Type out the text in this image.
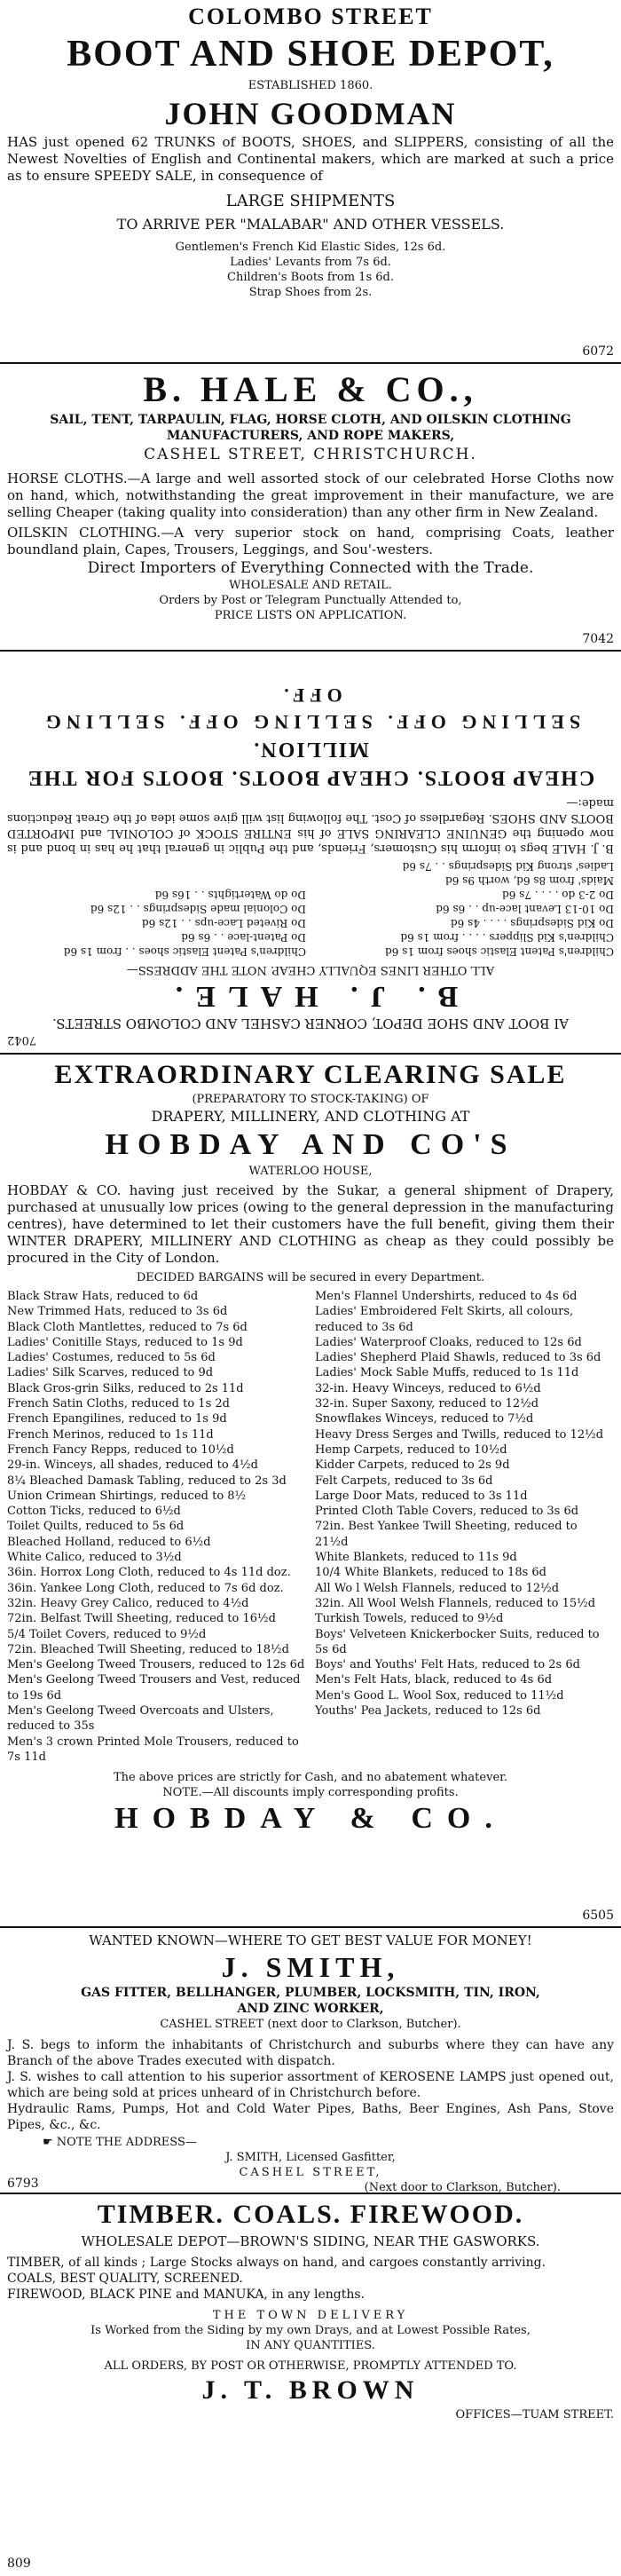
COLOMBO STREET
BOOT AND SHOE DEPOT,
ESTABLISHED 1860.
JOHN GOODMAN

HAS just opened 62 TRUNKS of BOOTS, SHOES, and SLIPPERS, consisting of all the Newest Novelties of English and Continental makers, which are marked at such a price as to ensure SPEEDY SALE, in consequence of

LARGE SHIPMENTS
TO ARRIVE PER "MALABAR" AND OTHER VESSELS.
Gentlemen's French Kid Elastic Sides, 12s 6d.
Ladies' Levants from 7s 6d.
Children's Boots from 1s 6d.
Strap Shoes from 2s.
6072
B. HALE & CO.,
SAIL, TENT, TARPAULIN, FLAG, HORSE CLOTH, AND OILSKIN CLOTHING
MANUFACTURERS, AND ROPE MAKERS,
CASHEL STREET, CHRISTCHURCH.

HORSE CLOTHS.—A large and well assorted stock of our celebrated Horse Cloths now on hand, which, notwithstanding the great improvement in their manufacture, we are selling Cheaper (taking quality into consideration) than any other firm in New Zealand.

OILSKIN CLOTHING.—A very superior stock on hand, comprising Coats, leather boundland plain, Capes, Trousers, Leggings, and Sou'-westers.

Direct Importers of Everything Connected with the Trade.
WHOLESALE AND RETAIL.
Orders by Post or Telegram Punctually Attended to,
PRICE LISTS ON APPLICATION.
7042
7042
AI BOOT AND SHOE DEPOT, CORNER CASHEL AND COLOMBO STREETS.
B. J. HALE.
ALL OTHER LINES EQUALLY CHEAP. NOTE THE ADDRESS—

Children's Patent Elastic shoes from 1s 6d

Children's Kid Slippers . . . . from 1s 6d

Do Kid Sidesprings . . . . 4s 6d

Do 10-13 Levant lace-up . . 6s 6d

Do 2-3 do . . . . 7s 6d

Maids' from 8s 6d, worth 9s 6d

Ladies' strong Kid Sidesprings . . 7s 6d

Children's Patent Elastic shoes . . from 1s 6d

Do Patent-lace . . 6s 6d

Do Riveted Lace-ups . . 12s 6d

Do Colonial made Sidesprings . . 12s 6d

Do do Watertights . . 16s 6d

B. J. HALE begs to inform his Customers, Friends, and the Public in general that he has in bond and is now opening the GENUINE CLEARING SALE of his ENTIRE STOCK of COLONIAL and IMPORTED BOOTS AND SHOES. Regardless of Cost. The following list will give some idea of the Great Reductions made:—

CHEAP BOOTS. CHEAP BOOTS. BOOTS FOR THE MILLION.
SELLING OFF. SELLING OFF. SELLING OFF.
EXTRAORDINARY CLEARING SALE
(PREPARATORY TO STOCK-TAKING) OF
DRAPERY, MILLINERY, AND CLOTHING AT
HOBDAY AND CO'S
WATERLOO HOUSE,

HOBDAY & CO. having just received by the Sukar, a general shipment of Drapery, purchased at unusually low prices (owing to the general depression in the manufacturing centres), have determined to let their customers have the full benefit, giving them their WINTER DRAPERY, MILLINERY AND CLOTHING as cheap as they could possibly be procured in the City of London.

DECIDED BARGAINS will be secured in every Department.

Black Straw Hats, reduced to 6d

New Trimmed Hats, reduced to 3s 6d

Black Cloth Mantlettes, reduced to 7s 6d

Ladies' Conitille Stays, reduced to 1s 9d

Ladies' Costumes, reduced to 5s 6d

Ladies' Silk Scarves, reduced to 9d

Black Gros-grin Silks, reduced to 2s 11d

French Satin Cloths, reduced to 1s 2d

French Epangilines, reduced to 1s 9d

French Merinos, reduced to 1s 11d

French Fancy Repps, reduced to 10½d

29-in. Winceys, all shades, reduced to 4½d

8¼ Bleached Damask Tabling, reduced to 2s 3d

Union Crimean Shirtings, reduced to 8½

Cotton Ticks, reduced to 6½d

Toilet Quilts, reduced to 5s 6d

Bleached Holland, reduced to 6½d

White Calico, reduced to 3½d

36in. Horrox Long Cloth, reduced to 4s 11d doz.

36in. Yankee Long Cloth, reduced to 7s 6d doz.

32in. Heavy Grey Calico, reduced to 4½d

72in. Belfast Twill Sheeting, reduced to 16½d

5/4 Toilet Covers, reduced to 9½d

72in. Bleached Twill Sheeting, reduced to 18½d

Men's Geelong Tweed Trousers, reduced to 12s 6d

Men's Geelong Tweed Trousers and Vest, reduced to 19s 6d

Men's Geelong Tweed Overcoats and Ulsters, reduced to 35s

Men's 3 crown Printed Mole Trousers, reduced to 7s 11d

Men's Flannel Undershirts, reduced to 4s 6d

Ladies' Embroidered Felt Skirts, all colours, reduced to 3s 6d

Ladies' Waterproof Cloaks, reduced to 12s 6d

Ladies' Shepherd Plaid Shawls, reduced to 3s 6d

Ladies' Mock Sable Muffs, reduced to 1s 11d

32-in. Heavy Winceys, reduced to 6½d

32-in. Super Saxony, reduced to 12½d

Snowflakes Winceys, reduced to 7½d

Heavy Dress Serges and Twills, reduced to 12½d

Hemp Carpets, reduced to 10½d

Kidder Carpets, reduced to 2s 9d

Felt Carpets, reduced to 3s 6d

Large Door Mats, reduced to 3s 11d

Printed Cloth Table Covers, reduced to 3s 6d

72in. Best Yankee Twill Sheeting, reduced to 21½d

White Blankets, reduced to 11s 9d

10/4 White Blankets, reduced to 18s 6d

All Wo l Welsh Flannels, reduced to 12½d

32in. All Wool Welsh Flannels, reduced to 15½d

Turkish Towels, reduced to 9½d

Boys' Velveteen Knickerbocker Suits, reduced to 5s 6d

Boys' and Youths' Felt Hats, reduced to 2s 6d

Men's Felt Hats, black, reduced to 4s 6d

Men's Good L. Wool Sox, reduced to 11½d

Youths' Pea Jackets, reduced to 12s 6d

The above prices are strictly for Cash, and no abatement whatever.
NOTE.—All discounts imply corresponding profits.
HOBDAY & CO.
6505
WANTED KNOWN—WHERE TO GET BEST VALUE FOR MONEY!
J. SMITH,
GAS FITTER, BELLHANGER, PLUMBER, LOCKSMITH, TIN, IRON,
AND ZINC WORKER,
CASHEL STREET (next door to Clarkson, Butcher).

J. S. begs to inform the inhabitants of Christchurch and suburbs where they can have any Branch of the above Trades executed with dispatch.

J. S. wishes to call attention to his superior assortment of KEROSENE LAMPS just opened out, which are being sold at prices unheard of in Christchurch before.

Hydraulic Rams, Pumps, Hot and Cold Water Pipes, Baths, Beer Engines, Ash Pans, Stove Pipes, &c., &c.

☛ NOTE THE ADDRESS—
J. SMITH, Licensed Gasfitter,
CASHEL STREET,
(Next door to Clarkson, Butcher).
6793
TIMBER. COALS. FIREWOOD.
WHOLESALE DEPOT—BROWN'S SIDING, NEAR THE GASWORKS.

TIMBER, of all kinds ; Large Stocks always on hand, and cargoes constantly arriving.

COALS, BEST QUALITY, SCREENED.

FIREWOOD, BLACK PINE and MANUKA, in any lengths.

THE TOWN DELIVERY
Is Worked from the Siding by my own Drays, and at Lowest Possible Rates,
IN ANY QUANTITIES.
ALL ORDERS, BY POST OR OTHERWISE, PROMPTLY ATTENDED TO.
J. T. BROWN
OFFICES—TUAM STREET.
809
